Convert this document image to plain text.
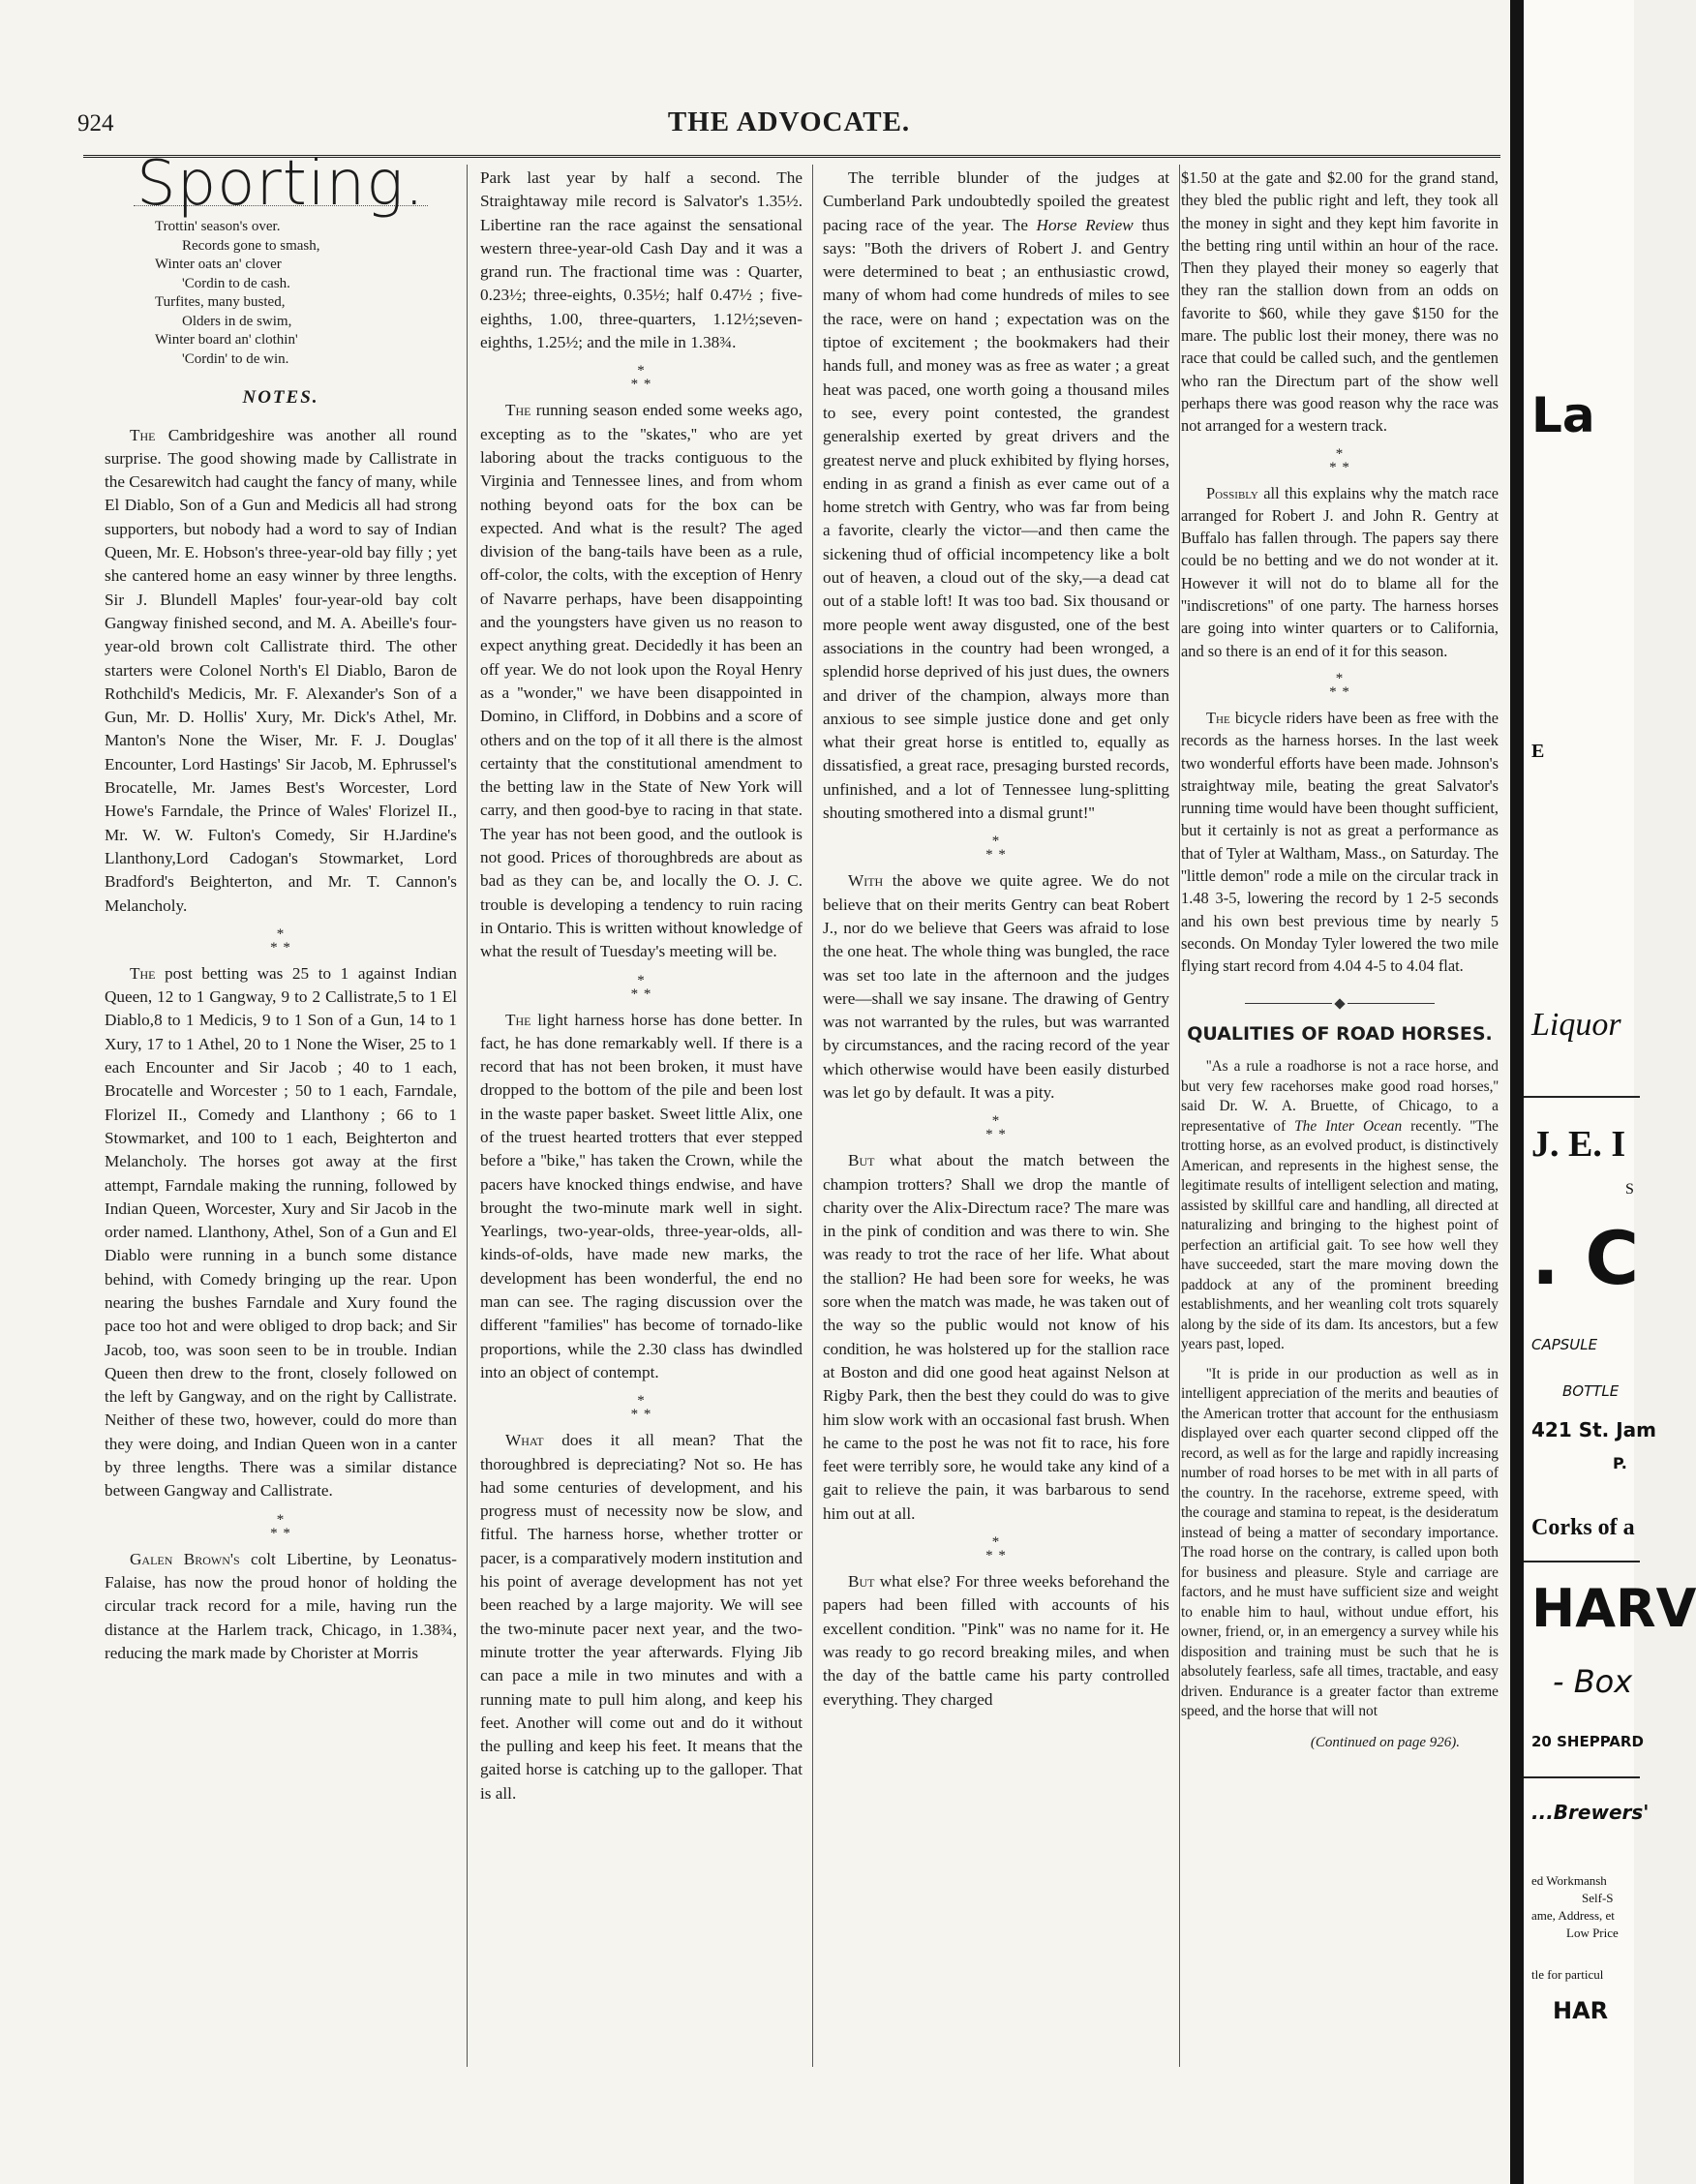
924	THE ADVOCATE.
Sporting.
Trottin' season's over.
Records gone to smash,
Winter oats an' clover
'Cordin to de cash.
Turfites, many busted,
Olders in de swim,
Winter board an' clothin'
'Cordin' to de win.
NOTES.

The Cambridgeshire was another all round surprise. The good showing made by Callistrate in the Cesarewitch had caught the fancy of many, while El Diablo, Son of a Gun and Medicis all had strong supporters, but nobody had a word to say of Indian Queen, Mr. E. Hobson's three-year-old bay filly ; yet she cantered home an easy winner by three lengths. Sir J. Blundell Maples' four-year-old bay colt Gangway finished second, and M. A. Abeille's four-year-old brown colt Callistrate third. The other starters were Colonel North's El Diablo, Baron de Rothchild's Medicis, Mr. F. Alexander's Son of a Gun, Mr. D. Hollis' Xury, Mr. Dick's Athel, Mr. Manton's None the Wiser, Mr. F. J. Douglas' Encounter, Lord Hastings' Sir Jacob, M. Ephrussel's Brocatelle, Mr. James Best's Worcester, Lord Howe's Farndale, the Prince of Wales' Florizel II., Mr. W. W. Fulton's Comedy, Sir H.Jardine's Llanthony,Lord Cadogan's Stowmarket, Lord Bradford's Beighterton, and Mr. T. Cannon's Melancholy.

*
* *

The post betting was 25 to 1 against Indian Queen, 12 to 1 Gangway, 9 to 2 Callistrate,5 to 1 El Diablo,8 to 1 Medicis, 9 to 1 Son of a Gun, 14 to 1 Xury, 17 to 1 Athel, 20 to 1 None the Wiser, 25 to 1 each Encounter and Sir Jacob ; 40 to 1 each, Brocatelle and Worcester ; 50 to 1 each, Farndale, Florizel II., Comedy and Llanthony ; 66 to 1 Stowmarket, and 100 to 1 each, Beighterton and Melancholy. The horses got away at the first attempt, Farndale making the running, followed by Indian Queen, Worcester, Xury and Sir Jacob in the order named. Llanthony, Athel, Son of a Gun and El Diablo were running in a bunch some distance behind, with Comedy bringing up the rear. Upon nearing the bushes Farndale and Xury found the pace too hot and were obliged to drop back; and Sir Jacob, too, was soon seen to be in trouble. Indian Queen then drew to the front, closely followed on the left by Gangway, and on the right by Callistrate. Neither of these two, however, could do more than they were doing, and Indian Queen won in a canter by three lengths. There was a similar distance between Gangway and Callistrate.

*
* *

Galen Brown's colt Libertine, by Leonatus-Falaise, has now the proud honor of holding the circular track record for a mile, having run the distance at the Harlem track, Chicago, in 1.38¾, reducing the mark made by Chorister at Morris

Park last year by half a second. The Straightaway mile record is Salvator's 1.35½. Libertine ran the race against the sensational western three-year-old Cash Day and it was a grand run. The fractional time was : Quarter, 0.23½; three-eights, 0.35½; half 0.47½ ; five-eighths, 1.00, three-quarters, 1.12½;seven-eighths, 1.25½; and the mile in 1.38¾.

*
* *

The running season ended some weeks ago, excepting as to the ''skates,'' who are yet laboring about the tracks contiguous to the Virginia and Tennessee lines, and from whom nothing beyond oats for the box can be expected. And what is the result? The aged division of the bang-tails have been as a rule, off-color, the colts, with the exception of Henry of Navarre perhaps, have been disappointing and the youngsters have given us no reason to expect anything great. Decidedly it has been an off year. We do not look upon the Royal Henry as a ''wonder,'' we have been disappointed in Domino, in Clifford, in Dobbins and a score of others and on the top of it all there is the almost certainty that the constitutional amendment to the betting law in the State of New York will carry, and then good-bye to racing in that state. The year has not been good, and the outlook is not good. Prices of thoroughbreds are about as bad as they can be, and locally the O. J. C. trouble is developing a tendency to ruin racing in Ontario. This is written without knowledge of what the result of Tuesday's meeting will be.

*
* *

The light harness horse has done better. In fact, he has done remarkably well. If there is a record that has not been broken, it must have dropped to the bottom of the pile and been lost in the waste paper basket. Sweet little Alix, one of the truest hearted trotters that ever stepped before a ''bike,'' has taken the Crown, while the pacers have knocked things endwise, and have brought the two-minute mark well in sight. Yearlings, two-year-olds, three-year-olds, all-kinds-of-olds, have made new marks, the development has been wonderful, the end no man can see. The raging discussion over the different ''families'' has become of tornado-like proportions, while the 2.30 class has dwindled into an object of contempt.

*
* *

What does it all mean? That the thoroughbred is depreciating? Not so. He has had some centuries of development, and his progress must of necessity now be slow, and fitful. The harness horse, whether trotter or pacer, is a comparatively modern institution and his point of average development has not yet been reached by a large majority. We will see the two-minute pacer next year, and the two-minute trotter the year afterwards. Flying Jib can pace a mile in two minutes and with a running mate to pull him along, and keep his feet. Another will come out and do it without the pulling and keep his feet. It means that the gaited horse is catching up to the galloper. That is all.

The terrible blunder of the judges at Cumberland Park undoubtedly spoiled the greatest pacing race of the year. The Horse Review thus says: ''Both the drivers of Robert J. and Gentry were determined to beat ; an enthusiastic crowd, many of whom had come hundreds of miles to see the race, were on hand ; expectation was on the tiptoe of excitement ; the bookmakers had their hands full, and money was as free as water ; a great heat was paced, one worth going a thousand miles to see, every point contested, the grandest generalship exerted by great drivers and the greatest nerve and pluck exhibited by flying horses, ending in as grand a finish as ever came out of a home stretch with Gentry, who was far from being a favorite, clearly the victor—and then came the sickening thud of official incompetency like a bolt out of heaven, a cloud out of the sky,—a dead cat out of a stable loft! It was too bad. Six thousand or more people went away disgusted, one of the best associations in the country had been wronged, a splendid horse deprived of his just dues, the owners and driver of the champion, always more than anxious to see simple justice done and get only what their great horse is entitled to, equally as dissatisfied, a great race, presaging bursted records, unfinished, and a lot of Tennessee lung-splitting shouting smothered into a dismal grunt!''

*
* *

With the above we quite agree. We do not believe that on their merits Gentry can beat Robert J., nor do we believe that Geers was afraid to lose the one heat. The whole thing was bungled, the race was set too late in the afternoon and the judges were—shall we say insane. The drawing of Gentry was not warranted by the rules, but was warranted by circumstances, and the racing record of the year which otherwise would have been easily disturbed was let go by default. It was a pity.

*
* *

But what about the match between the champion trotters? Shall we drop the mantle of charity over the Alix-Directum race? The mare was in the pink of condition and was there to win. She was ready to trot the race of her life. What about the stallion? He had been sore for weeks, he was sore when the match was made, he was taken out of the way so the public would not know of his condition, he was holstered up for the stallion race at Boston and did one good heat against Nelson at Rigby Park, then the best they could do was to give him slow work with an occasional fast brush. When he came to the post he was not fit to race, his fore feet were terribly sore, he would take any kind of a gait to relieve the pain, it was barbarous to send him out at all.

*
* *

But what else? For three weeks beforehand the papers had been filled with accounts of his excellent condition. ''Pink'' was no name for it. He was ready to go record breaking miles, and when the day of the battle came his party controlled everything. They charged

$1.50 at the gate and $2.00 for the grand stand, they bled the public right and left, they took all the money in sight and they kept him favorite in the betting ring until within an hour of the race. Then they played their money so eagerly that they ran the stallion down from an odds on favorite to $60, while they gave $150 for the mare. The public lost their money, there was no race that could be called such, and the gentlemen who ran the Directum part of the show well perhaps there was good reason why the race was not arranged for a western track.

*
* *

Possibly all this explains why the match race arranged for Robert J. and John R. Gentry at Buffalo has fallen through. The papers say there could be no betting and we do not wonder at it. However it will not do to blame all for the ''indiscretions'' of one party. The harness horses are going into winter quarters or to California, and so there is an end of it for this season.

*
* *

The bicycle riders have been as free with the records as the harness horses. In the last week two wonderful efforts have been made. Johnson's straightway mile, beating the great Salvator's running time would have been thought sufficient, but it certainly is not as great a performance as that of Tyler at Waltham, Mass., on Saturday. The ''little demon'' rode a mile on the circular track in 1.48 3-5, lowering the record by 1 2-5 seconds and his own best previous time by nearly 5 seconds. On Monday Tyler lowered the two mile flying start record from 4.04 4-5 to 4.04 flat.

QUALITIES OF ROAD HORSES.

''As a rule a roadhorse is not a race horse, and but very few racehorses make good road horses,'' said Dr. W. A. Bruette, of Chicago, to a representative of The Inter Ocean recently. ''The trotting horse, as an evolved product, is distinctively American, and represents in the highest sense, the legitimate results of intelligent selection and mating, assisted by skillful care and handling, all directed at naturalizing and bringing to the highest point of perfection an artificial gait. To see how well they have succeeded, start the mare moving down the paddock at any of the prominent breeding establishments, and her weanling colt trots squarely along by the side of its dam. Its ancestors, but a few years past, loped.

''It is pride in our production as well as in intelligent appreciation of the merits and beauties of the American trotter that account for the enthusiasm displayed over each quarter second clipped off the record, as well as for the large and rapidly increasing number of road horses to be met with in all parts of the country. In the racehorse, extreme speed, with the courage and stamina to repeat, is the desideratum instead of being a matter of secondary importance. The road horse on the contrary, is called upon both for business and pleasure. Style and carriage are factors, and he must have sufficient size and weight to enable him to haul, without undue effort, his owner, friend, or, in an emergency a survey while his disposition and training must be such that he is absolutely fearless, safe all times, tractable, and easy driven. Endurance is a greater factor than extreme speed, and the horse that will not

(Continued on page 926).
La
E
Liquor
J. E. I
S
. C
CAPSULE
BOTTLE
421 St. Jam
P.
Corks of a
HARV
- Box
20 SHEPPARD
...Brewers'
ed Workmansh
Self-S
ame, Address, et
Low Price
tle for particul
HAR
